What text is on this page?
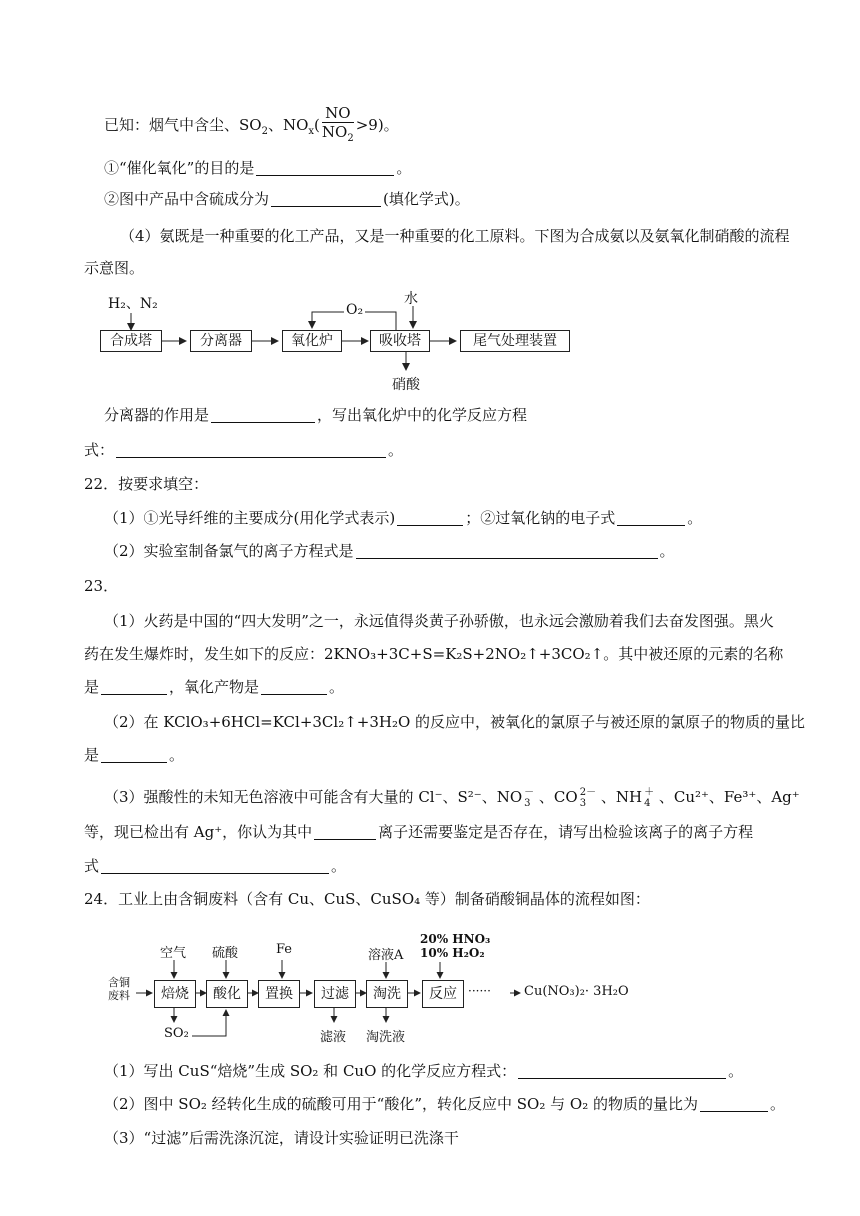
已知：烟气中含尘、$SO_2$、$NO_x( \frac{NO}{NO_2} >9)$。
①“催化氧化”的目的是	。
②图中产品中含硫成分为	(填化学式)。
（4）氨既是一种重要的化工产品，又是一种重要的化工原料。下图为合成氨以及氨氧化制硝酸的流程
示意图。
H₂、N₂	O₂
水
硝酸
合成塔	分离器	氧化炉	吸收塔	尾气处理装置
分离器的作用是	，写出氧化炉中的化学反应方程
式：	。
22．按要求填空：
（1）①光导纤维的主要成分(用化学式表示)	；②过氧化钠的电子式	。
（2）实验室制备氯气的离子方程式是	。
23．
（1）火药是中国的“四大发明”之一，永远值得炎黄子孙骄傲，也永远会激励着我们去奋发图强。黑火
药在发生爆炸时，发生如下的反应：2KNO₃+3C+S=K₂S+2NO₂↑+3CO₂↑。其中被还原的元素的名称
是	，氧化产物是	。
（2）在 KClO₃+6HCl=KCl+3Cl₂↑+3H₂O 的反应中，被氧化的氯原子与被还原的氯原子的物质的量比
是	。
（3）强酸性的未知无色溶液中可能含有大量的 Cl⁻、S²⁻、NO －
3 、CO 2－
3 、NH ＋
4 、Cu²⁺、Fe³⁺、Ag⁺
等，现已检出有 Ag⁺，你认为其中	离子还需要鉴定是否存在，请写出检验该离子的离子方程
式	。
24．工业上由含铜废料（含有 Cu、CuS、CuSO₄ 等）制备硝酸铜晶体的流程如图：
含铜
废料
空气 硫酸	Fe	溶液A
20% HNO₃
10% H₂O₂
焙烧	酸化	置换	过滤	淘洗	反应 ······	Cu(NO₃)₂· 3H₂O
SO₂	滤液 淘洗液
（1）写出 CuS“焙烧”生成 SO₂ 和 CuO 的化学反应方程式：	。
（2）图中 SO₂ 经转化生成的硫酸可用于“酸化”，转化反应中 SO₂ 与 O₂ 的物质的量比为	。
（3）“过滤”后需洗涤沉淀，请设计实验证明已洗涤干
